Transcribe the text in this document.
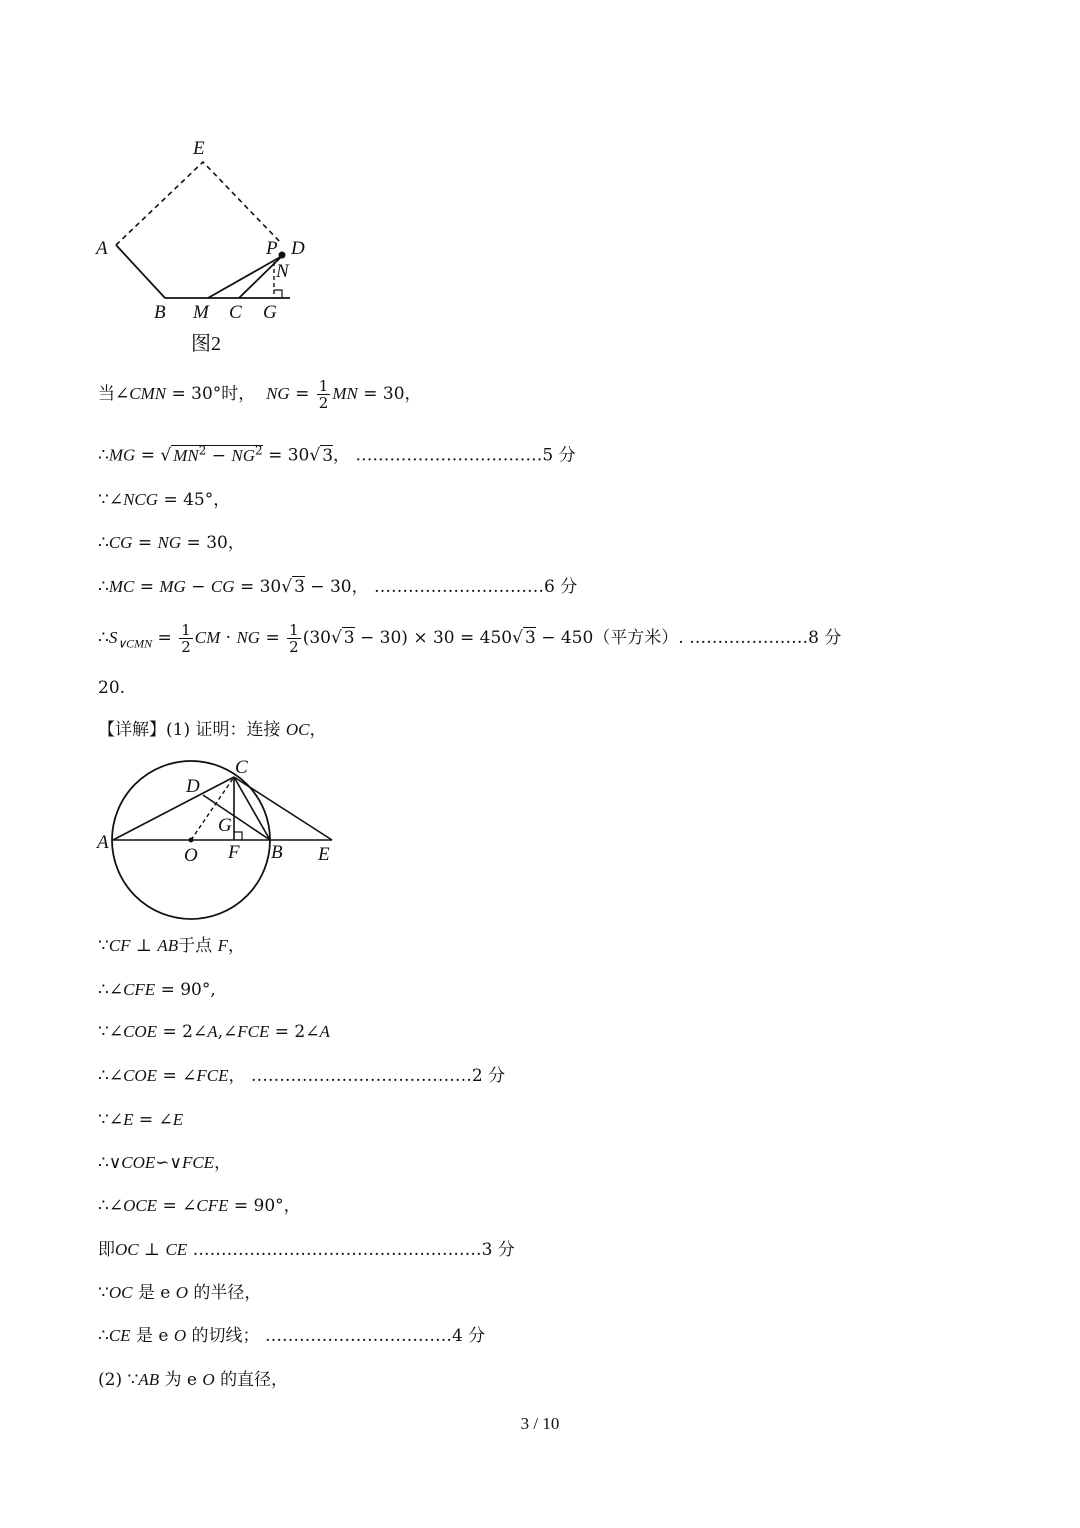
E
A	P D
N
B M C G
图2
当∠CMN = 30°时， NG = $\frac{1}{2}$ MN = 30，
∴MG = √ $MN^2 - NG^2 = 30√$ 3， ……………………………5 分
∵∠NCG = 45°，
∴CG = NG = 30，
∴MC = MG − CG = 30√ 3 − 30， …………………………6 分
$\therefore S_{\vee CMN} = \frac{1}{2}$ CM · NG = $\frac{1}{2} (30√$ 3 − 30) × 30 = 450√ 3 − 450（平方米）. …………………8 分
20.
【详解】(1) 证明：连接 OC，
C
D
G
A
O F B E
∵CF ⊥ AB于点 F，
∴∠CFE = 90°,
∵∠COE = 2∠A,∠FCE = 2∠A
∴∠COE = ∠FCE， …………………………………2 分
∵∠E = ∠E
∴∨COE∽∨FCE，
∴∠OCE = ∠CFE = 90°，
即OC ⊥ CE ……………………………………………3 分
∵OC 是 e O 的半径，
∴CE 是 e O 的切线； ……………………………4 分
(2) ∵AB 为 e O 的直径，
3 / 10
